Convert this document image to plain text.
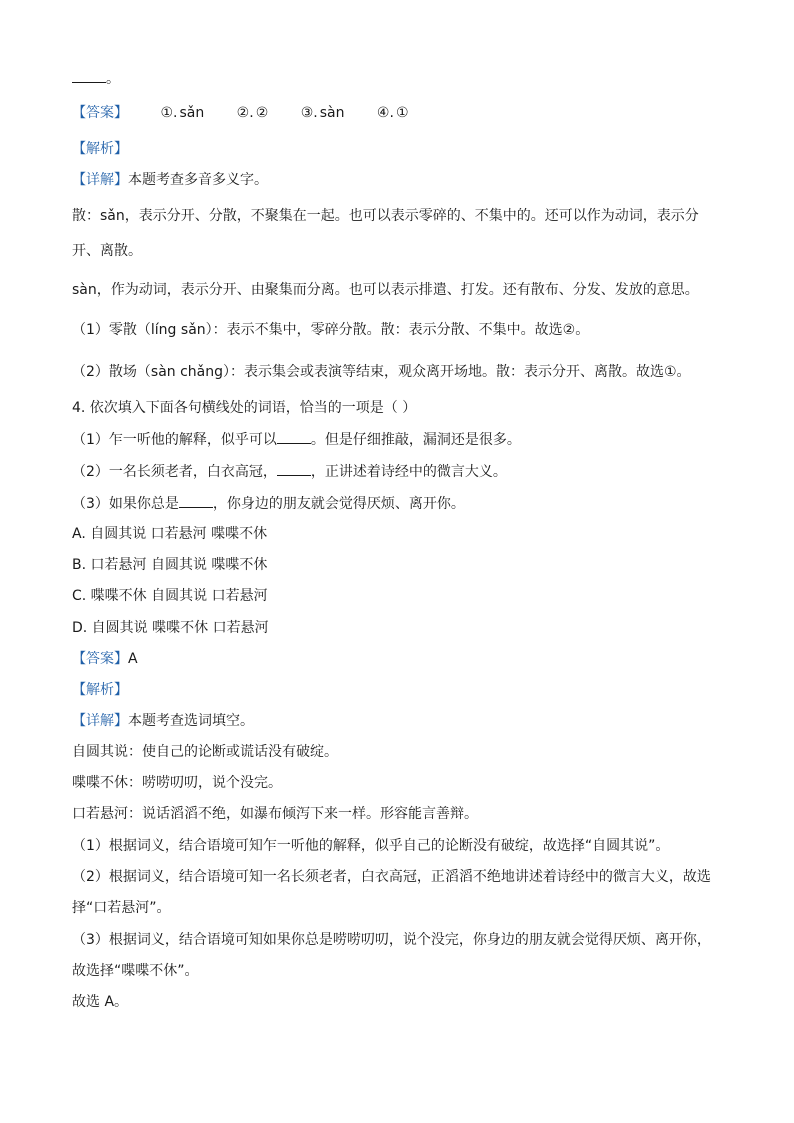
。
【答案】 ①. sǎn ②. ② ③. sàn ④. ①
【解析】
【详解】本题考查多音多义字。
散：sǎn，表示分开、分散，不聚集在一起。也可以表示零碎的、不集中的。还可以作为动词，表示分
开、离散。
sàn，作为动词，表示分开、由聚集而分离。也可以表示排遣、打发。还有散布、分发、发放的意思。
（1）零散（líng sǎn）：表示不集中，零碎分散。散：表示分散、不集中。故选②。
（2）散场（sàn chǎng）：表示集会或表演等结束，观众离开场地。散：表示分开、离散。故选①。
4. 依次填入下面各句横线处的词语，恰当的一项是（ ）
（1）乍一听他的解释，似乎可以 。但是仔细推敲，漏洞还是很多。
（2）一名长须老者，白衣高冠， ，正讲述着诗经中的微言大义。
（3）如果你总是 ，你身边的朋友就会觉得厌烦、离开你。
A. 自圆其说 口若悬河 喋喋不休
B. 口若悬河 自圆其说 喋喋不休
C. 喋喋不休 自圆其说 口若悬河
D. 自圆其说 喋喋不休 口若悬河
【答案】A
【解析】
【详解】本题考查选词填空。
自圆其说：使自己的论断或谎话没有破绽。
喋喋不休：唠唠叨叨，说个没完。
口若悬河：说话滔滔不绝，如瀑布倾泻下来一样。形容能言善辩。
（1）根据词义，结合语境可知乍一听他的解释，似乎自己的论断没有破绽，故选择“自圆其说”。
（2）根据词义，结合语境可知一名长须老者，白衣高冠，正滔滔不绝地讲述着诗经中的微言大义，故选
择“口若悬河”。
（3）根据词义，结合语境可知如果你总是唠唠叨叨，说个没完，你身边的朋友就会觉得厌烦、离开你，
故选择“喋喋不休”。
故选 A。
